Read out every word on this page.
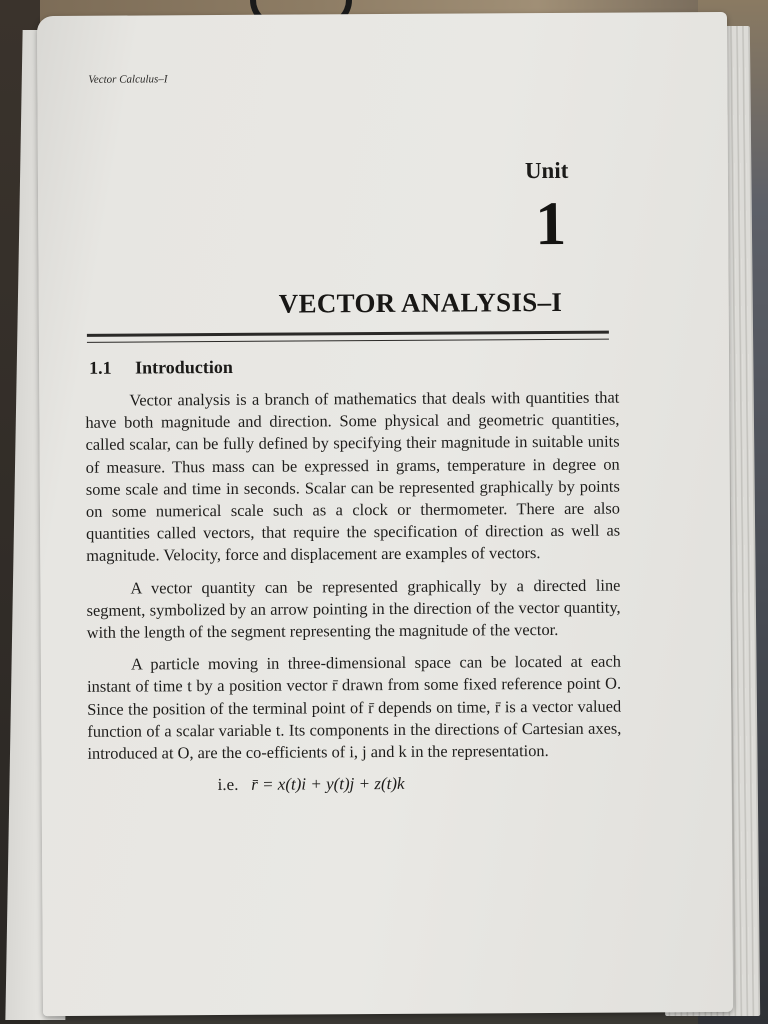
Vector Calculus–I
Unit
1
VECTOR ANALYSIS–I
1.1 Introduction

Vector analysis is a branch of mathematics that deals with quantities that have both magnitude and direction. Some physical and geometric quantities, called scalar, can be fully defined by specifying their magnitude in suitable units of measure. Thus mass can be expressed in grams, temperature in degree on some scale and time in seconds. Scalar can be represented graphically by points on some numerical scale such as a clock or thermometer. There are also quantities called vectors, that require the specification of direction as well as magnitude. Velocity, force and displacement are examples of vectors.

A vector quantity can be represented graphically by a directed line segment, symbolized by an arrow pointing in the direction of the vector quantity, with the length of the segment representing the magnitude of the vector.

A particle moving in three-dimensional space can be located at each instant of time t by a position vector r̄ drawn from some fixed reference point O. Since the position of the terminal point of r̄ depends on time, r̄ is a vector valued function of a scalar variable t. Its components in the directions of Cartesian axes, introduced at O, are the co-efficients of i, j and k in the representation.

i.e. r̄ = x(t)i + y(t)j + z(t)k
